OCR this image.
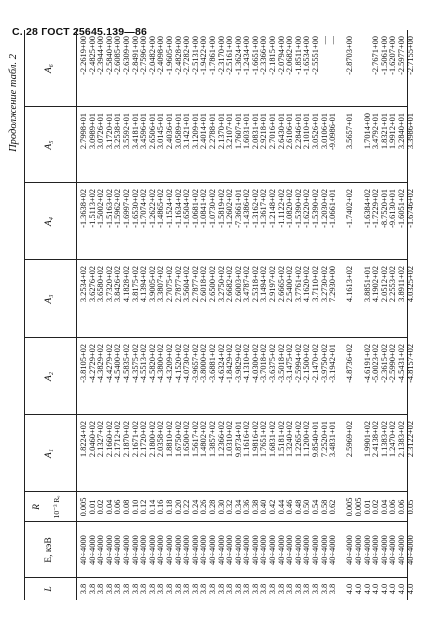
С. 28 ГОСТ 25645.139—86
Продолжение табл. 2
L
E, кэВ
A₁
R 10⁻³ Rₑ
A₂
A₃
A₄
A₅
A₆
3.8 3.8 3.8 3.8 3.8 3.8 3.8 3.8 3.8 3.8 3.8 3.8 3.8 3.8 3.8 3.8 3.8 3.8 3.8 3.8 3.8 3.8 3.8 3.8 3.8 3.8 3.8 3.8 3.8 3.8 4.0 4.0 4.0 4.0 4.0 4.0 4.0 4.0
40÷4000 40÷4000 40÷4000 40÷4000 40÷4000 40÷4000 40÷4000 40÷4000 40÷4000 40÷4000 40÷4000 40÷4000 40÷4000 40÷4000 40÷4000 40÷4000 40÷4000 40÷4000 40÷4000 40÷4000 40÷4000 40÷4000 40÷4000 40÷4000 40÷4000 40÷4000 40÷4000 40÷4000 40÷4000 40÷4000 40÷4000 40÷4000 40÷4000 40÷4000 40÷4000 40÷4000 40÷4000 40÷4000
0.005 0.01 0.02 0.04 0.06 0.08 0.10 0.12 0.14 0.16 0.18 0.20 0.22 0.24 0.26 0.28 0.30 0.32 0.34 0.36 0.38 0.40 0.42 0.44 0.46 0.48 0.50 0.54 0.58 0.62 0.005 0.005 0.01 0.02 0.04 0.06 0.06 0.05
1.8224+02 2.0460+02 2.1327+02 2.1660+02 2.1712+02 2.1870+02 2.1671+02 2.1720+02 2.1800+02 2.0358+02 1.8810+02 1.6750+02 1.6500+02 1.5617+02 1.4802+02 1.3857+02 1.2366+02 1.0310+02 9.8734+01 1.1616+02 1.9816+02 1.7651+02 1.6831+02 1.5181+02 1.3240+02 1.2265+02 1.1200+02 9.8540+01 7.2520+01 3.4831+01 2.5969+02 1.9901+02 2.4138+02 1.1383+02 1.2470+02 2.1383+02 2.3122+02
-3.8105+02 -4.2729+02 -4.3829+02 -4.4279+02 -4.5400+02 -4.5835+02 -4.3575+02 -4.5513+02 -4.5820+02 -4.3800+02 -4.3209+02 -4.1520+02 -4.0730+02 -3.9657+02 -3.8000+02 -3.6881+02 -4.6324+02 -1.8429+02 -3.9829+02 -4.1310+02 -4.0300+02 -3.7018+02 -3.6375+02 -3.5018+02 -3.1475+02 -2.5994+02 -2.1500+02 -2.1470+02 -3.9750+02 -3.1942+01 -4.8736+02 -4.6191+02 -5.0023+02 -2.3615+02 -2.5990+02 -4.5431+02 -4.8157+02
3.2534+02 3.6276+02 3.6580+02 3.7320+02 3.8426+02 4.1828+02 3.8175+02 4.1394+02 3.9005+02 3.3807+02 2.7075+02 2.7877+02 3.5604+02 2.7877+02 2.6018+02 2.6500+02 3.2750+02 2.6682+02 2.6003+02 3.4787+02 2.5318+02 3.1494+02 2.9197+02 2.6665+02 2.5400+02 3.7761+02 4.1620+02 3.7110+02 3.2730+02 7.2930+00 4.1613+02 3.8851+01 4.1902+02 2.0512+02 2.2553+02 3.8911+02 4.0325+02
-1.3638+02 -1.5113+02 -1.5002+02 -1.5163+02 -1.5962+02 -1.6997+02 -1.6530+02 -1.7074+02 -1.2622+02 -1.4865+02 -1.1524+02 -1.1634+02 -1.6504+02 -1.0681+02 -1.0841+02 -1.0730+02 -1.5819+02 -1.2602+02 -7.3661+01 -1.4386+02 -1.3162+02 -1.3617+02 -1.2148+02 -1.1122+02 -1.0820+02 -1.5390+02 -1.6220+02 -1.5390+02 -1.2030+02 -1.0661+01 -1.7402+02 -1.6384+02 -1.7229+02 -8.7520+01 -9.6130+01 -1.6051+02 -1.6746+02
2.7998+01 3.0989+01 3.0726+01 3.1720+01 3.2538+01 3.5592+01 3.4181+01 3.4596+01 2.6506+01 3.0145+01 2.4036+01 3.0589+01 3.1421+01 3.1209+01 2.4014+01 2.2788+01 2.1370+01 3.2107+01 1.7607+01 1.6031+01 2.0831+01 2.9218+01 2.7016+01 2.6430+01 2.6106+01 2.2846+01 2.1010+01 3.0526+01 3.0106+01 -9.0986-01 3.5657+01 1.7014+00 3.4792+01 1.8321+01 1.9912+01 3.2840+01 3.3986+01
-2.2619+00 -2.4825+00 -2.3944+00 -2.5840+00 -2.6085+00 -2.6309+00 -2.8491+00 -2.7596+00 -2.0482+00 -2.4098+00 -1.9605+00 -2.4828+00 -2.7282+00 -2.5131+00 -1.9422+00 -1.7861+00 -2.3170+00 -2.5161+00 -1.3624+00 -1.2434+00 -1.6651+00 -2.3366+00 -2.1815+00 -2.0794+00 -2.0682+00 -1.8511+00 -1.6534+00 -2.5551+00 — — -2.8703+00 -2.7671+00 -1.5061+00 -1.6207+00 -2.5977+00 -2.7155+00
